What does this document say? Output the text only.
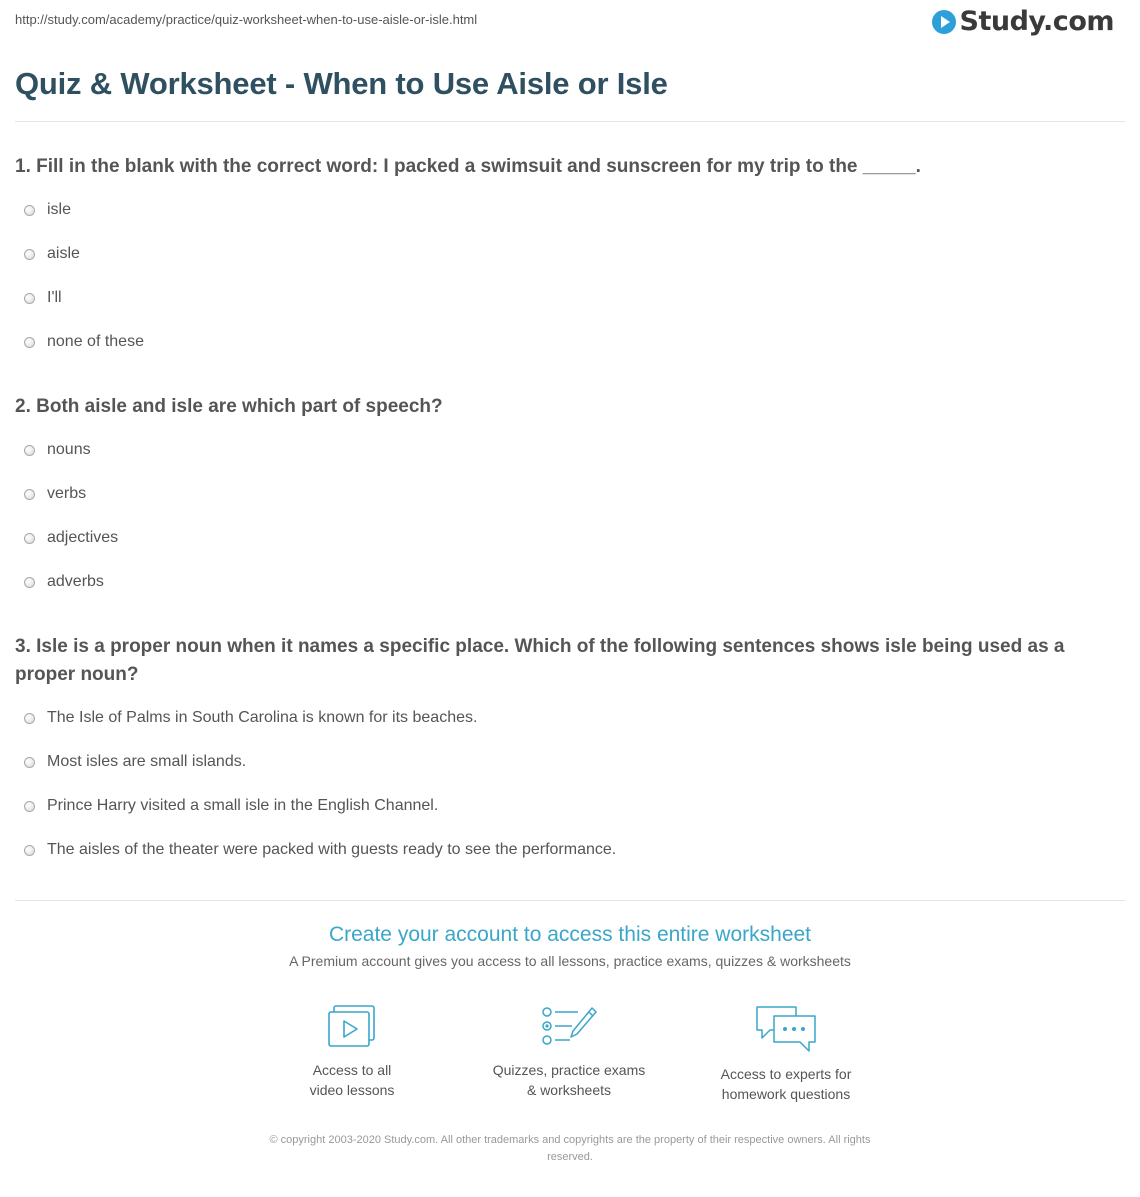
http://study.com/academy/practice/quiz-worksheet-when-to-use-aisle-or-isle.html	Study.com
Quiz & Worksheet - When to Use Aisle or Isle
1. Fill in the blank with the correct word: I packed a swimsuit and sunscreen for my trip to the _____.
isle
aisle
I'll
none of these
2. Both aisle and isle are which part of speech?
nouns
verbs
adjectives
adverbs
3. Isle is a proper noun when it names a specific place. Which of the following sentences shows isle being used as a proper noun?
The Isle of Palms in South Carolina is known for its beaches.
Most isles are small islands.
Prince Harry visited a small isle in the English Channel.
The aisles of the theater were packed with guests ready to see the performance.
Create your account to access this entire worksheet
A Premium account gives you access to all lessons, practice exams, quizzes & worksheets
Access to all
video lessons
Quizzes, practice exams
& worksheets
Access to experts for
homework questions
© copyright 2003-2020 Study.com. All other trademarks and copyrights are the property of their respective owners. All rights
reserved.
